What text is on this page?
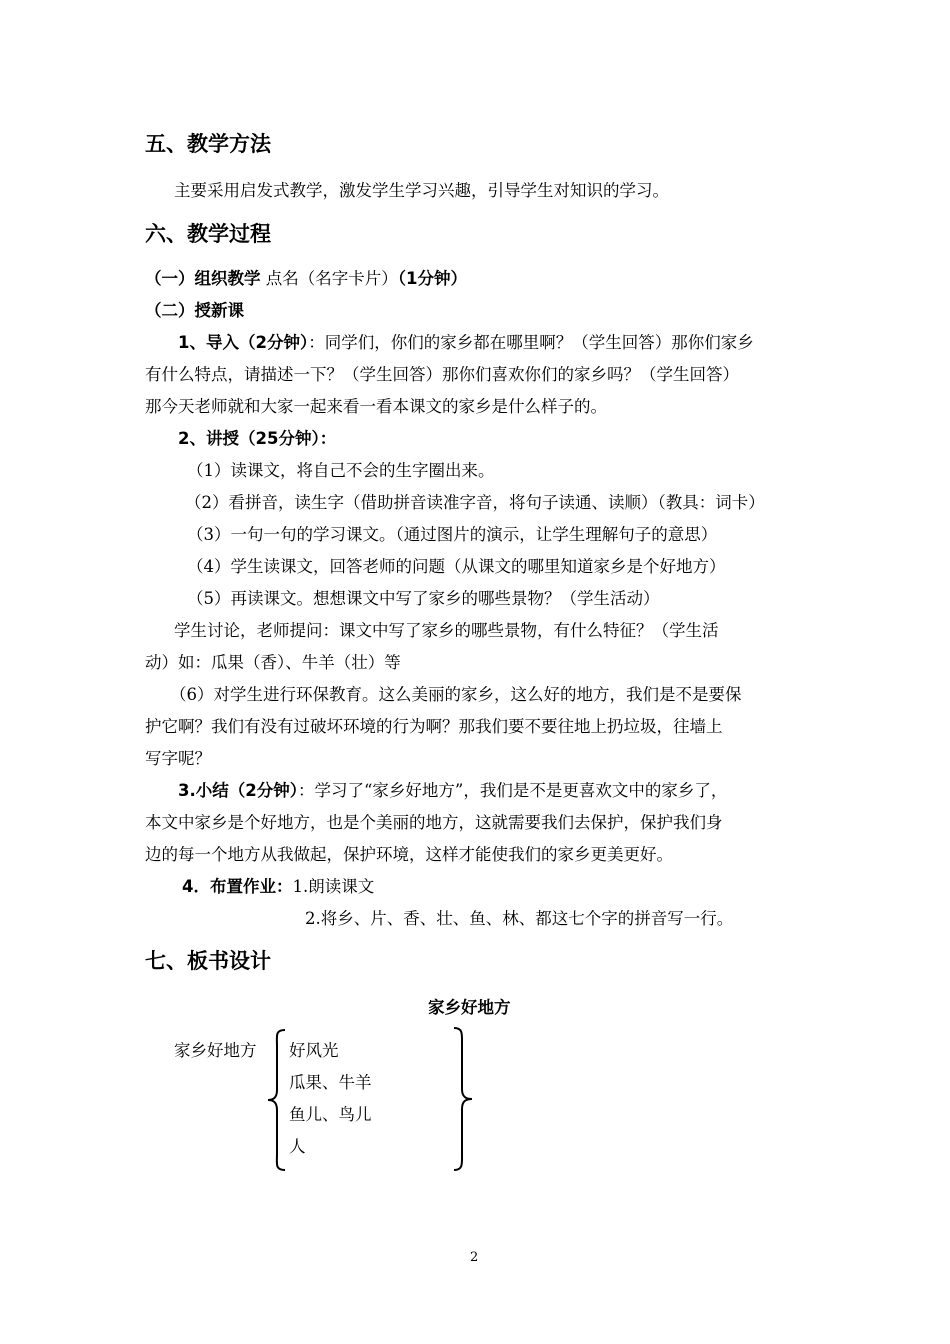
五、教学方法
主要采用启发式教学，激发学生学习兴趣，引导学生对知识的学习。
六、教学过程
（一）组织教学 点名（名字卡片）（1分钟）
（二）授新课
1、导入（2分钟）：同学们，你们的家乡都在哪里啊？（学生回答）那你们家乡
有什么特点，请描述一下？（学生回答）那你们喜欢你们的家乡吗？（学生回答）
那今天老师就和大家一起来看一看本课文的家乡是什么样子的。
2、讲授（25分钟）：
（1）读课文，将自己不会的生字圈出来。
（2）看拼音，读生字（借助拼音读准字音，将句子读通、读顺）（教具：词卡）
（3）一句一句的学习课文。（通过图片的演示，让学生理解句子的意思）
（4）学生读课文，回答老师的问题（从课文的哪里知道家乡是个好地方）
（5）再读课文。想想课文中写了家乡的哪些景物？（学生活动）
学生讨论，老师提问：课文中写了家乡的哪些景物，有什么特征？（学生活
动）如：瓜果（香）、牛羊（壮）等
（6）对学生进行环保教育。这么美丽的家乡，这么好的地方，我们是不是要保
护它啊？我们有没有过破坏环境的行为啊？那我们要不要往地上扔垃圾，往墙上
写字呢？
3.小结（2分钟）：学习了“家乡好地方”，我们是不是更喜欢文中的家乡了，
本文中家乡是个好地方，也是个美丽的地方，这就需要我们去保护，保护我们身
边的每一个地方从我做起，保护环境，这样才能使我们的家乡更美更好。
4．布置作业：1.朗读课文
2.将乡、片、香、壮、鱼、林、都这七个字的拼音写一行。
七、板书设计
家乡好地方
家乡好地方 好风光
瓜果、牛羊
鱼儿、鸟儿
人
2
